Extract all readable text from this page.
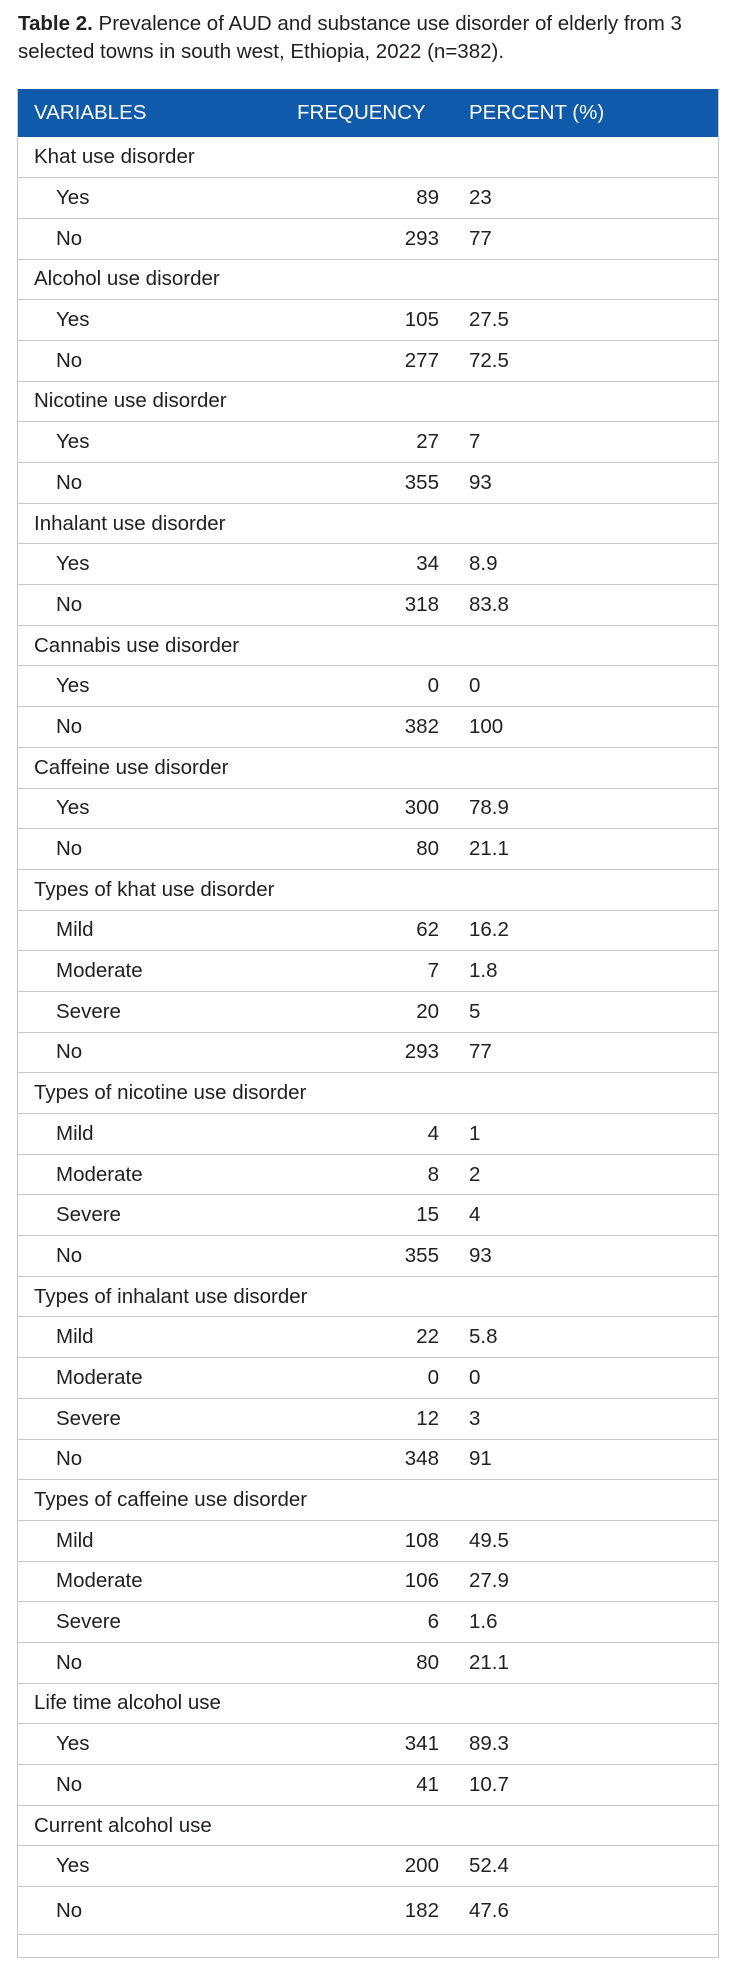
Table 2. Prevalence of AUD and substance use disorder of elderly from 3 selected towns in south west, Ethiopia, 2022 (n=382).
VARIABLES	FREQUENCY	PERCENT (%)
Khat use disorder		
Yes	89	23

No	293	77

Alcohol use disorder		
Yes	105	27.5

No	277	72.5

Nicotine use disorder		
Yes	27	7

No	355	93

Inhalant use disorder		
Yes	34	8.9

No	318	83.8

Cannabis use disorder		
Yes	0	0

No	382	100

Caffeine use disorder		
Yes	300	78.9

No	80	21.1

Types of khat use disorder		
Mild	62	16.2

Moderate	7	1.8

Severe	20	5

No	293	77

Types of nicotine use disorder		
Mild	4	1

Moderate	8	2

Severe	15	4

No	355	93

Types of inhalant use disorder		
Mild	22	5.8

Moderate	0	0

Severe	12	3

No	348	91

Types of caffeine use disorder		
Mild	108	49.5

Moderate	106	27.9

Severe	6	1.6

No	80	21.1

Life time alcohol use		
Yes	341	89.3

No	41	10.7

Current alcohol use		
Yes	200	52.4

No	182	47.6
